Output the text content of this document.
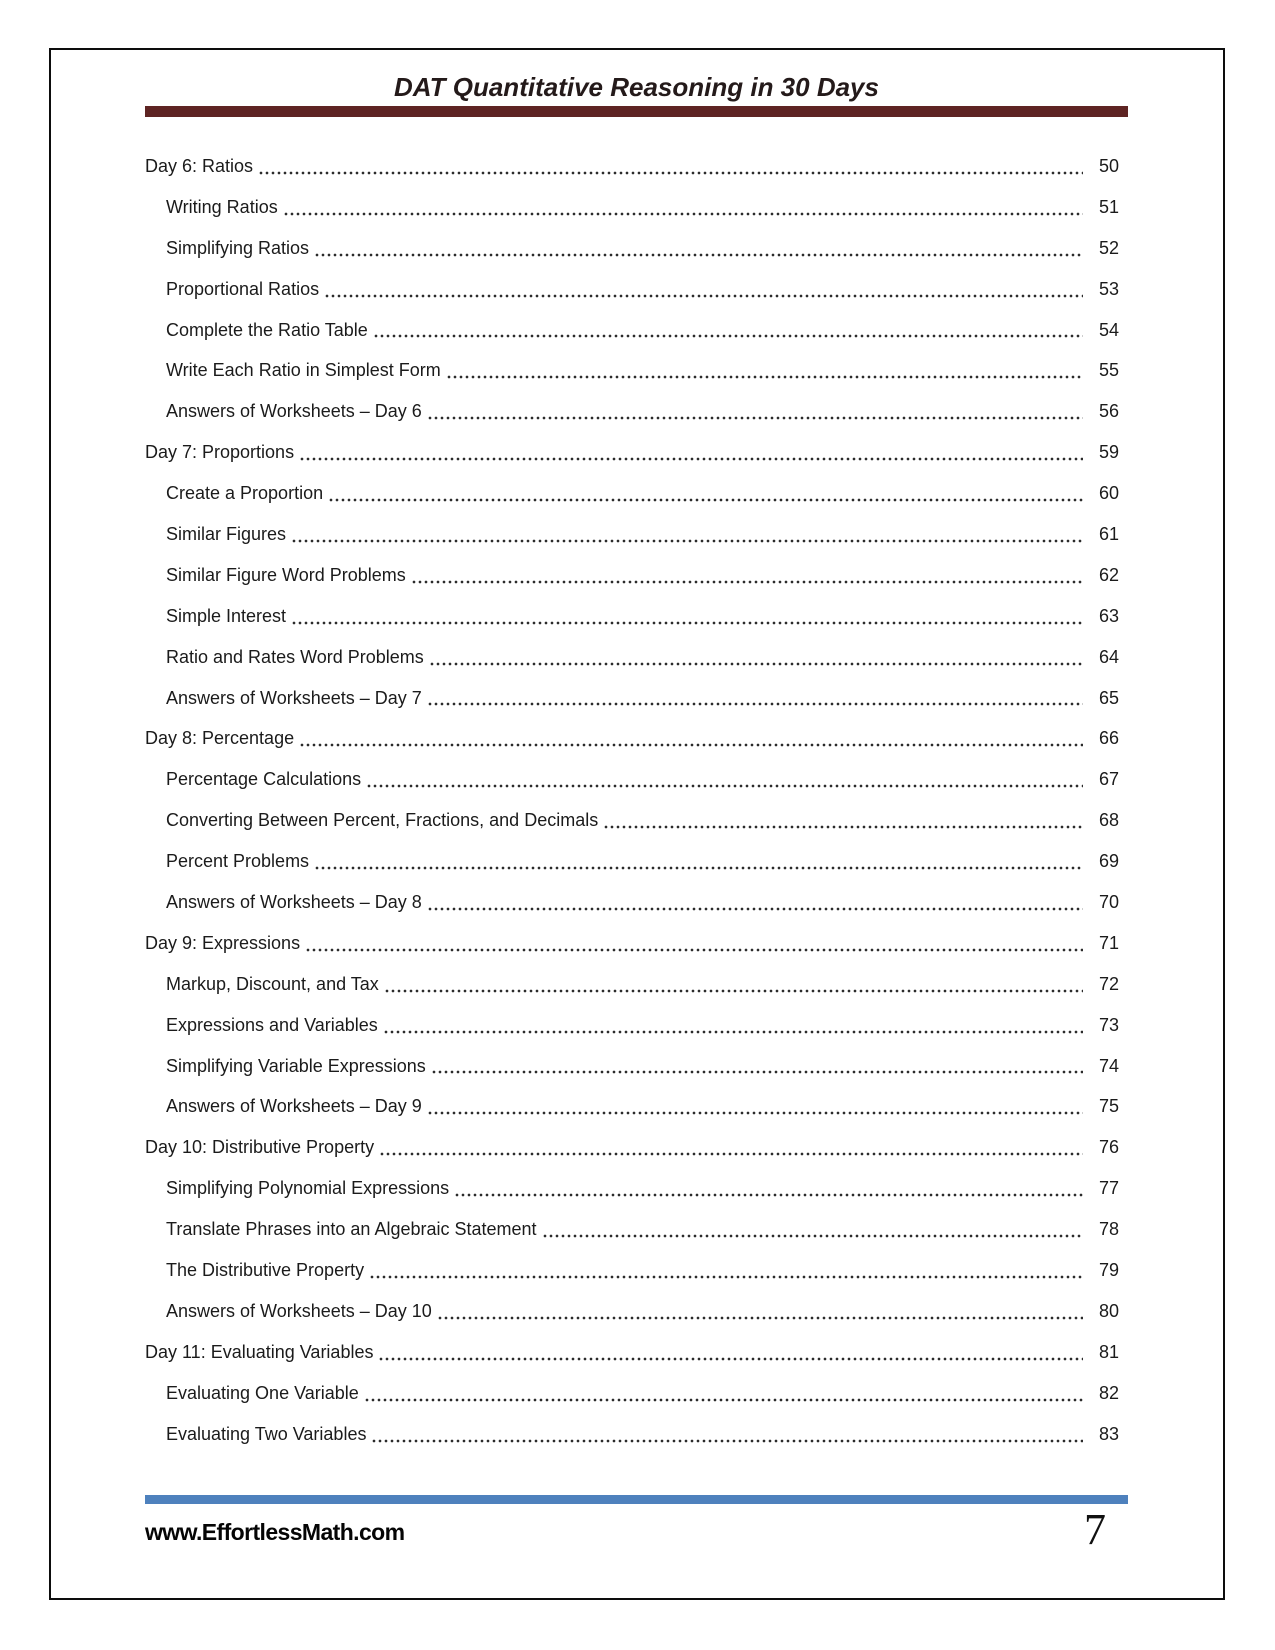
DAT Quantitative Reasoning in 30 Days
Day 6: Ratios	50
Writing Ratios	51
Simplifying Ratios	52
Proportional Ratios	53
Complete the Ratio Table	54
Write Each Ratio in Simplest Form	55
Answers of Worksheets – Day 6	56
Day 7: Proportions	59
Create a Proportion	60
Similar Figures	61
Similar Figure Word Problems	62
Simple Interest	63
Ratio and Rates Word Problems	64
Answers of Worksheets – Day 7	65
Day 8: Percentage	66
Percentage Calculations	67
Converting Between Percent, Fractions, and Decimals	68
Percent Problems	69
Answers of Worksheets – Day 8	70
Day 9: Expressions	71
Markup, Discount, and Tax	72
Expressions and Variables	73
Simplifying Variable Expressions	74
Answers of Worksheets – Day 9	75
Day 10: Distributive Property	76
Simplifying Polynomial Expressions	77
Translate Phrases into an Algebraic Statement	78
The Distributive Property	79
Answers of Worksheets – Day 10	80
Day 11: Evaluating Variables	81
Evaluating One Variable	82
Evaluating Two Variables	83
www.EffortlessMath.com	7
